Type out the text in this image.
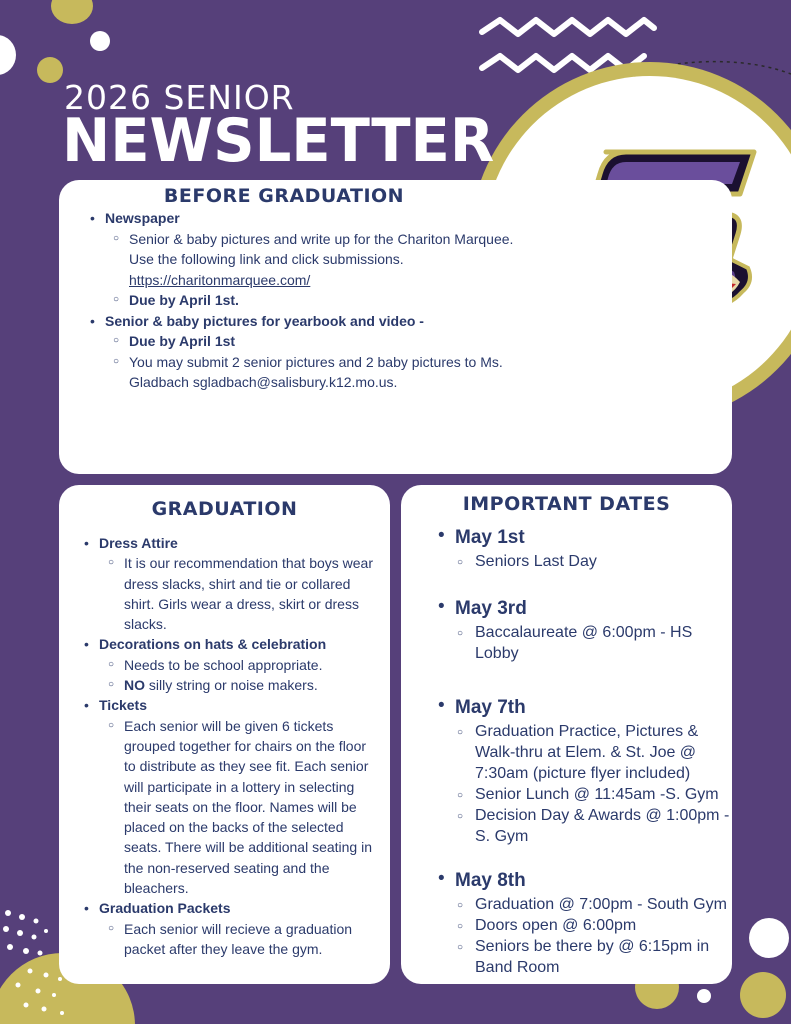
2026 SENIOR
NEWSLETTER
BEFORE GRADUATION
• Newspaper
○ Senior & baby pictures and write up for the Chariton Marquee. Use the following link and click submissions. https://charitonmarquee.com/
○ Due by April 1st.
• Senior & baby pictures for yearbook and video -
○ Due by April 1st
○ You may submit 2 senior pictures and 2 baby pictures to Ms. Gladbach sgladbach@salisbury.k12.mo.us.
GRADUATION
• Dress Attire
○ It is our recommendation that boys wear dress slacks, shirt and tie or collared shirt. Girls wear a dress, skirt or dress slacks.
• Decorations on hats & celebration
○ Needs to be school appropriate.
○ NO silly string or noise makers.
• Tickets
○ Each senior will be given 6 tickets grouped together for chairs on the floor to distribute as they see fit. Each senior will participate in a lottery in selecting their seats on the floor. Names will be placed on the backs of the selected seats. There will be additional seating in the non-reserved seating and the bleachers.
• Graduation Packets
○ Each senior will recieve a graduation packet after they leave the gym.
IMPORTANT DATES
• May 1st
○ Seniors Last Day
• May 3rd
○ Baccalaureate @ 6:00pm - HS Lobby
• May 7th
○ Graduation Practice, Pictures & Walk-thru at Elem. & St. Joe @ 7:30am (picture flyer included)
○ Senior Lunch @ 11:45am -S. Gym
○ Decision Day & Awards @ 1:00pm - S. Gym
• May 8th
○ Graduation @ 7:00pm - South Gym
○ Doors open @ 6:00pm
○ Seniors be there by @ 6:15pm in Band Room
